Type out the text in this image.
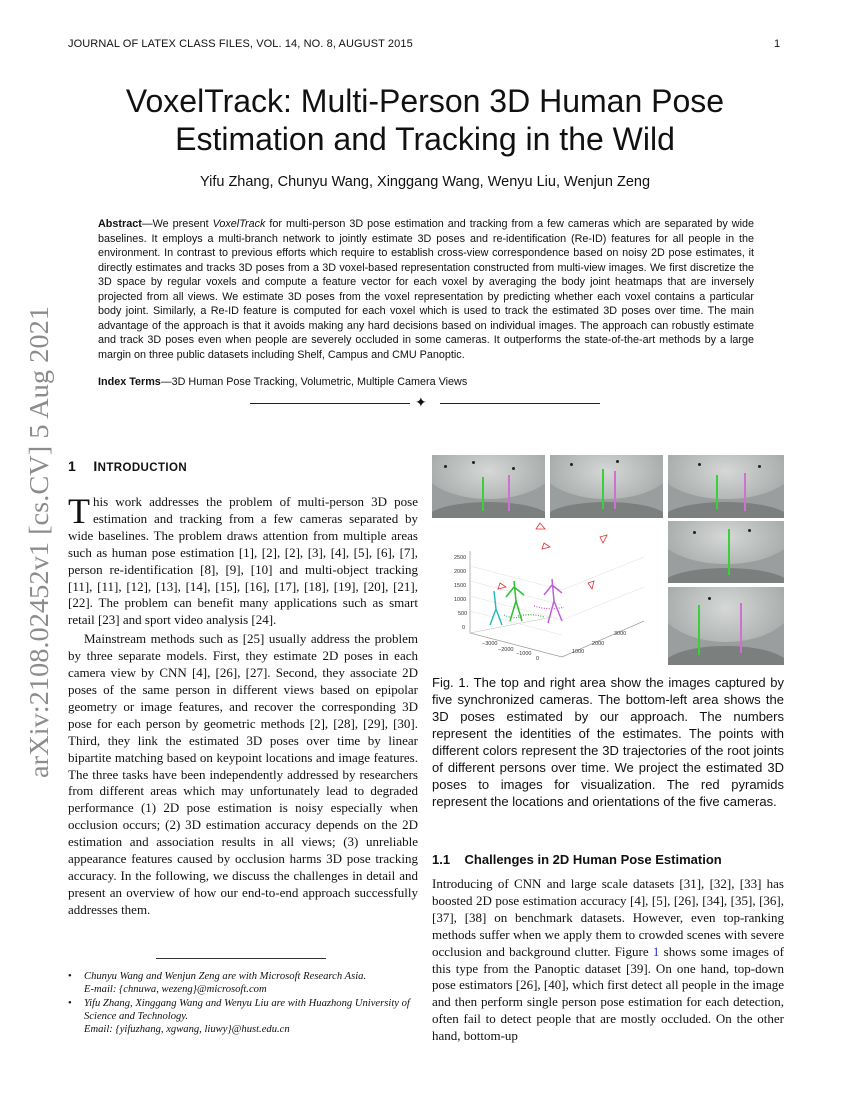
JOURNAL OF LATEX CLASS FILES, VOL. 14, NO. 8, AUGUST 2015	1
arXiv:2108.02452v1 [cs.CV] 5 Aug 2021
VoxelTrack: Multi-Person 3D Human Pose
Estimation and Tracking in the Wild
Yifu Zhang, Chunyu Wang, Xinggang Wang, Wenyu Liu, Wenjun Zeng
Abstract—We present VoxelTrack for multi-person 3D pose estimation and tracking from a few cameras which are separated by wide baselines. It employs a multi-branch network to jointly estimate 3D poses and re-identification (Re-ID) features for all people in the environment. In contrast to previous efforts which require to establish cross-view correspondence based on noisy 2D pose estimates, it directly estimates and tracks 3D poses from a 3D voxel-based representation constructed from multi-view images. We first discretize the 3D space by regular voxels and compute a feature vector for each voxel by averaging the body joint heatmaps that are inversely projected from all views. We estimate 3D poses from the voxel representation by predicting whether each voxel contains a particular body joint. Similarly, a Re-ID feature is computed for each voxel which is used to track the estimated 3D poses over time. The main advantage of the approach is that it avoids making any hard decisions based on individual images. The approach can robustly estimate and track 3D poses even when people are severely occluded in some cameras. It outperforms the state-of-the-art methods by a large margin on three public datasets including Shelf, Campus and CMU Panoptic.
Index Terms—3D Human Pose Tracking, Volumetric, Multiple Camera Views
✦
1 INTRODUCTION

This work addresses the problem of multi-person 3D pose estimation and tracking from a few cameras separated by wide baselines. The problem draws attention from multiple areas such as human pose estimation [1], [2], [2], [3], [4], [5], [6], [7], person re-identification [8], [9], [10] and multi-object tracking [11], [11], [12], [13], [14], [15], [16], [17], [18], [19], [20], [21], [22]. The problem can benefit many applications such as smart retail [23] and sport video analysis [24].

Mainstream methods such as [25] usually address the problem by three separate models. First, they estimate 2D poses in each camera view by CNN [4], [26], [27]. Second, they associate 2D poses of the same person in different views based on epipolar geometry or image features, and recover the corresponding 3D pose for each person by geometric methods [2], [28], [29], [30]. Third, they link the estimated 3D poses over time by linear bipartite matching based on keypoint locations and image features. The three tasks have been independently addressed by researchers from different areas which may unfortunately lead to degraded performance (1) 2D pose estimation is noisy especially when occlusion occurs; (2) 3D estimation accuracy depends on the 2D estimation and association results in all views; (3) unreliable appearance features caused by occlusion harms 3D pose tracking accuracy. In the following, we discuss the challenges in detail and present an overview of how our end-to-end approach successfully addresses them.

•	Chunyu Wang and Wenjun Zeng are with Microsoft Research Asia.
E-mail: {chnuwa, wezeng}@microsoft.com
•	Yifu Zhang, Xinggang Wang and Wenyu Liu are with Huazhong University of Science and Technology.
Email: {yifuzhang, xgwang, liuwy}@hust.edu.cn
2500
2000
1500
1000
500
0
−3000
−2000
−1000
0
1000
2000
3000
Fig. 1. The top and right area show the images captured by five synchronized cameras. The bottom-left area shows the 3D poses estimated by our approach. The numbers represent the identities of the estimates. The points with different colors represent the 3D trajectories of the root joints of different persons over time. We project the estimated 3D poses to images for visualization. The red pyramids represent the locations and orientations of the five cameras.
1.1 Challenges in 2D Human Pose Estimation
Introducing of CNN and large scale datasets [31], [32], [33] has boosted 2D pose estimation accuracy [4], [5], [26], [34], [35], [36], [37], [38] on benchmark datasets. However, even top-ranking methods suffer when we apply them to crowded scenes with severe occlusion and background clutter. Figure 1 shows some images of this type from the Panoptic dataset [39]. On one hand, top-down pose estimators [26], [40], which first detect all people in the image and then perform single person pose estimation for each detection, often fail to detect people that are mostly occluded. On the other hand, bottom-up
